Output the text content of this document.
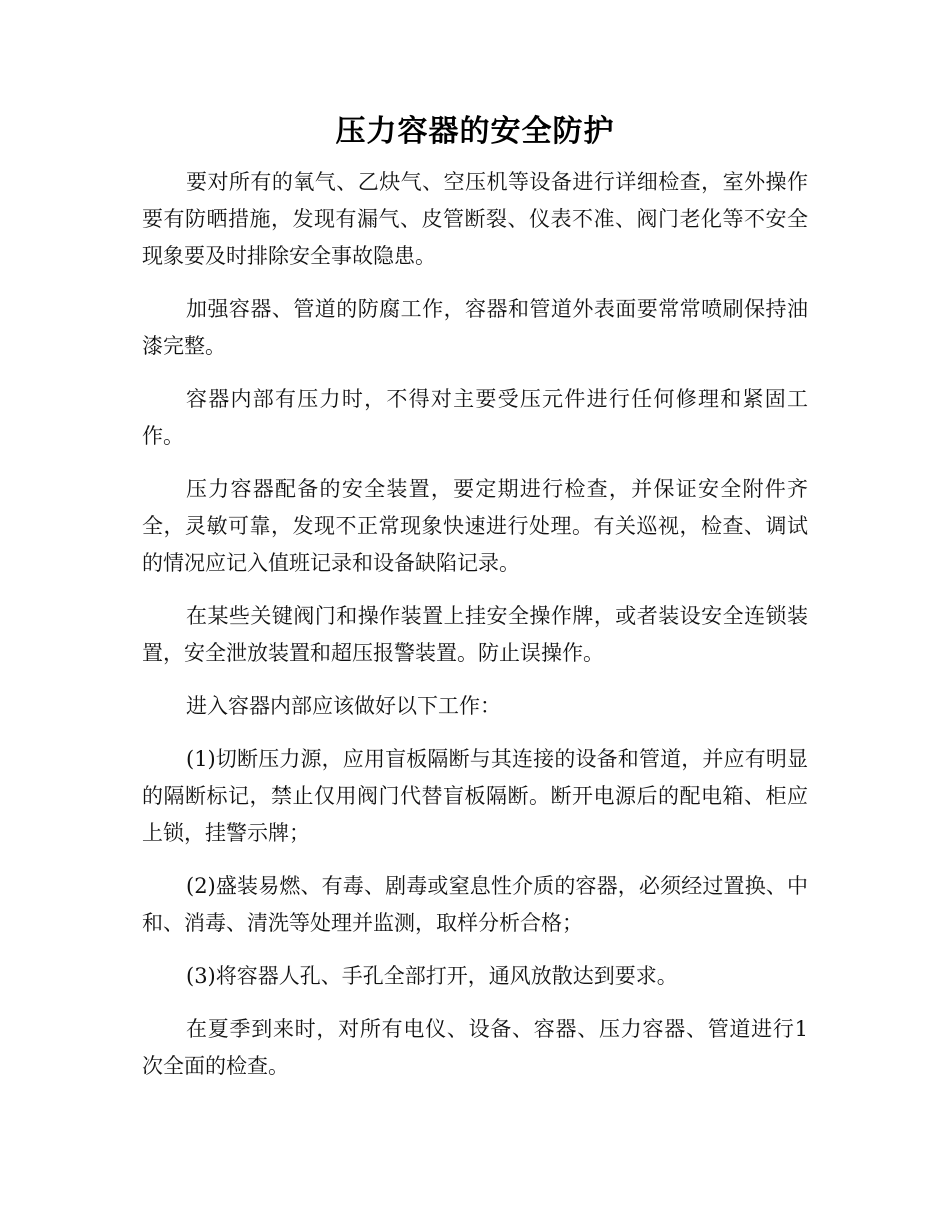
压力容器的安全防护

要对所有的氧气、乙炔气、空压机等设备进行详细检查，室外操作要有防晒措施，发现有漏气、皮管断裂、仪表不准、阀门老化等不安全现象要及时排除安全事故隐患。

加强容器、管道的防腐工作，容器和管道外表面要常常喷刷保持油漆完整。

容器内部有压力时，不得对主要受压元件进行任何修理和紧固工作。

压力容器配备的安全装置，要定期进行检查，并保证安全附件齐全，灵敏可靠，发现不正常现象快速进行处理。有关巡视，检查、调试的情况应记入值班记录和设备缺陷记录。

在某些关键阀门和操作装置上挂安全操作牌，或者装设安全连锁装置，安全泄放装置和超压报警装置。防止误操作。

进入容器内部应该做好以下工作：

(1)切断压力源，应用盲板隔断与其连接的设备和管道，并应有明显的隔断标记，禁止仅用阀门代替盲板隔断。断开电源后的配电箱、柜应上锁，挂警示牌；

(2)盛装易燃、有毒、剧毒或窒息性介质的容器，必须经过置换、中和、消毒、清洗等处理并监测，取样分析合格；

(3)将容器人孔、手孔全部打开，通风放散达到要求。

在夏季到来时，对所有电仪、设备、容器、压力容器、管道进行1次全面的检查。
